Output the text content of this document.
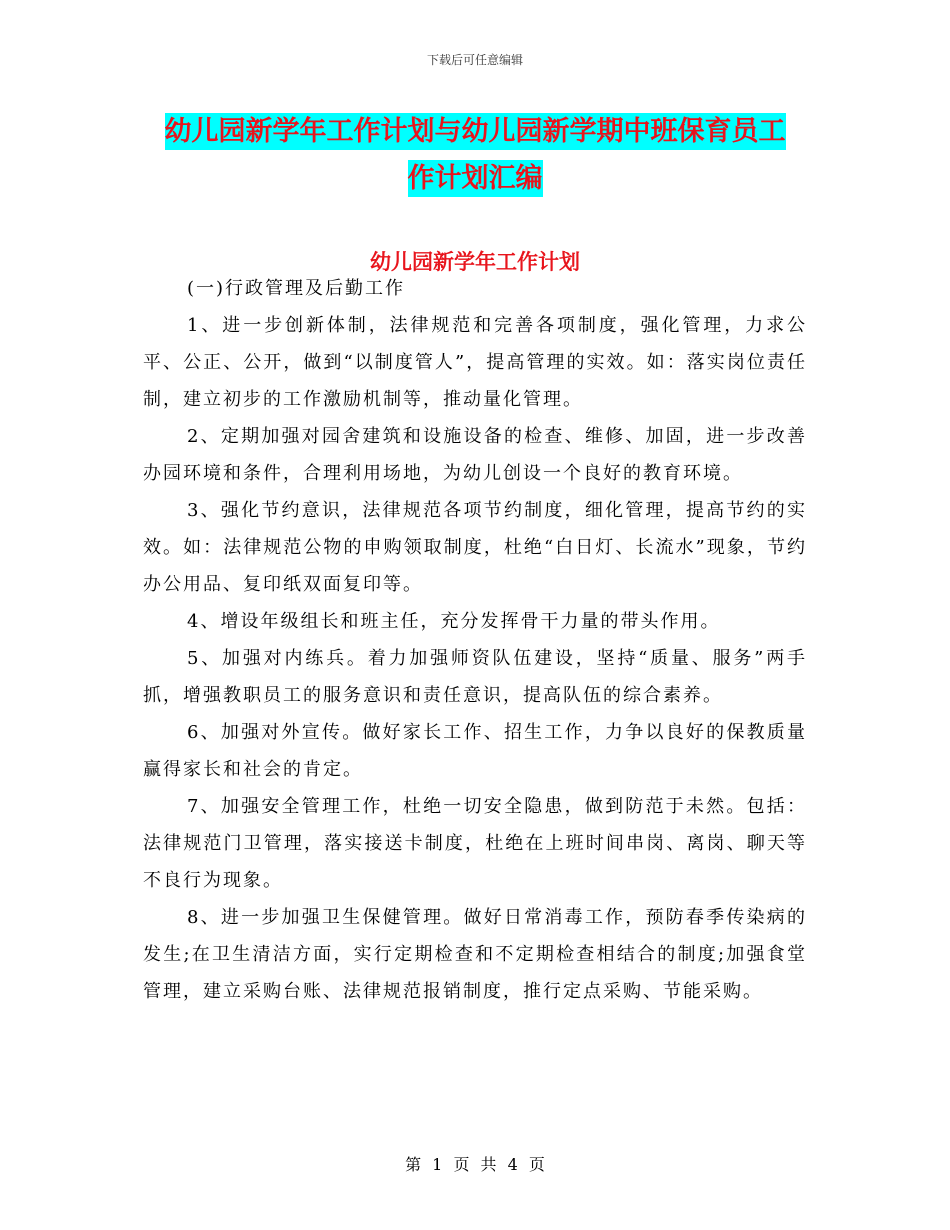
下载后可任意编辑
幼儿园新学年工作计划与幼儿园新学期中班保育员工
作计划汇编
幼儿园新学年工作计划

(一)行政管理及后勤工作

1、进一步创新体制，法律规范和完善各项制度，强化管理，力求公平、公正、公开，做到“以制度管人”，提高管理的实效。如：落实岗位责任制，建立初步的工作激励机制等，推动量化管理。

2、定期加强对园舍建筑和设施设备的检查、维修、加固，进一步改善办园环境和条件，合理利用场地，为幼儿创设一个良好的教育环境。

3、强化节约意识，法律规范各项节约制度，细化管理，提高节约的实效。如：法律规范公物的申购领取制度，杜绝“白日灯、长流水”现象，节约办公用品、复印纸双面复印等。

4、增设年级组长和班主任，充分发挥骨干力量的带头作用。

5、加强对内练兵。着力加强师资队伍建设，坚持“质量、服务”两手抓，增强教职员工的服务意识和责任意识，提高队伍的综合素养。

6、加强对外宣传。做好家长工作、招生工作，力争以良好的保教质量赢得家长和社会的肯定。

7、加强安全管理工作，杜绝一切安全隐患，做到防范于未然。包括：法律规范门卫管理，落实接送卡制度，杜绝在上班时间串岗、离岗、聊天等不良行为现象。

8、进一步加强卫生保健管理。做好日常消毒工作，预防春季传染病的发生;在卫生清洁方面，实行定期检查和不定期检查相结合的制度;加强食堂管理，建立采购台账、法律规范报销制度，推行定点采购、节能采购。

第 1 页 共 4 页
